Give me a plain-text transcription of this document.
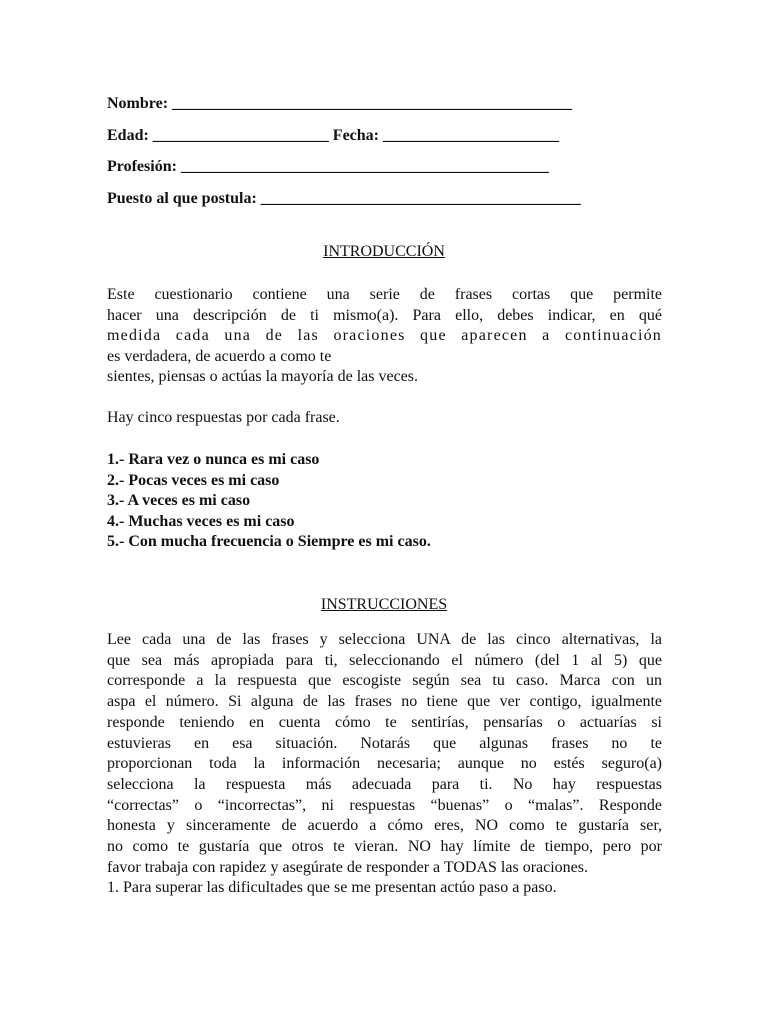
Nombre: __________________________________________________
Edad: ______________________ Fecha: ______________________
Profesión: ______________________________________________
Puesto al que postula: ________________________________________
INTRODUCCIÓN
Este cuestionario contiene una serie de frases cortas que permite
hacer una descripción de ti mismo(a). Para ello, debes indicar, en qué
medida cada una de las oraciones que aparecen a continuación
es verdadera, de acuerdo a como te
sientes, piensas o actúas la mayoría de las veces.
Hay cinco respuestas por cada frase.
1.- Rara vez o nunca es mi caso
2.- Pocas veces es mi caso
3.- A veces es mi caso
4.- Muchas veces es mi caso
5.- Con mucha frecuencia o Siempre es mi caso.
INSTRUCCIONES
Lee cada una de las frases y selecciona UNA de las cinco alternativas, la
que sea más apropiada para ti, seleccionando el número (del 1 al 5) que
corresponde a la respuesta que escogiste según sea tu caso. Marca con un
aspa el número. Si alguna de las frases no tiene que ver contigo, igualmente
responde teniendo en cuenta cómo te sentirías, pensarías o actuarías si
estuvieras en esa situación. Notarás que algunas frases no te
proporcionan toda la información necesaria; aunque no estés seguro(a)
selecciona la respuesta más adecuada para ti. No hay respuestas
“correctas” o “incorrectas”, ni respuestas “buenas” o “malas”. Responde
honesta y sinceramente de acuerdo a cómo eres, NO como te gustaría ser,
no como te gustaría que otros te vieran. NO hay límite de tiempo, pero por
favor trabaja con rapidez y asegúrate de responder a TODAS las oraciones.
1. Para superar las dificultades que se me presentan actúo paso a paso.
